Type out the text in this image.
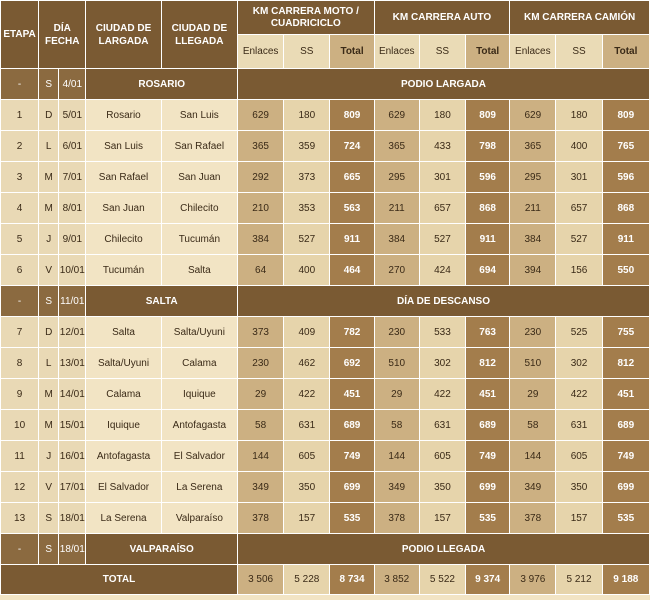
ETAPA	DÍA FECHA		CIUDAD DE LARGADA	CIUDAD DE LLEGADA	KM CARRERA MOTO / CUADRICICLO			KM CARRERA AUTO			KM CARRERA CAMIÓN		
					Enlaces	SS	Total	Enlaces	SS	Total	Enlaces	SS	Total
-	S	4/01	ROSARIO		PODIO LARGADA								
1	D	5/01	Rosario	San Luis	629	180	809	629	180	809	629	180	809
2	L	6/01	San Luis	San Rafael	365	359	724	365	433	798	365	400	765
3	M	7/01	San Rafael	San Juan	292	373	665	295	301	596	295	301	596
4	M	8/01	San Juan	Chilecito	210	353	563	211	657	868	211	657	868
5	J	9/01	Chilecito	Tucumán	384	527	911	384	527	911	384	527	911
6	V	10/01	Tucumán	Salta	64	400	464	270	424	694	394	156	550
-	S	11/01	SALTA		DÍA DE DESCANSO								
7	D	12/01	Salta	Salta/Uyuni	373	409	782	230	533	763	230	525	755
8	L	13/01	Salta/Uyuni	Calama	230	462	692	510	302	812	510	302	812
9	M	14/01	Calama	Iquique	29	422	451	29	422	451	29	422	451
10	M	15/01	Iquique	Antofagasta	58	631	689	58	631	689	58	631	689
11	J	16/01	Antofagasta	El Salvador	144	605	749	144	605	749	144	605	749
12	V	17/01	El Salvador	La Serena	349	350	699	349	350	699	349	350	699
13	S	18/01	La Serena	Valparaíso	378	157	535	378	157	535	378	157	535
-	S	18/01	VALPARAÍSO		PODIO LLEGADA								
TOTAL					3 506	5 228	8 734	3 852	5 522	9 374	3 976	5 212	9 188
